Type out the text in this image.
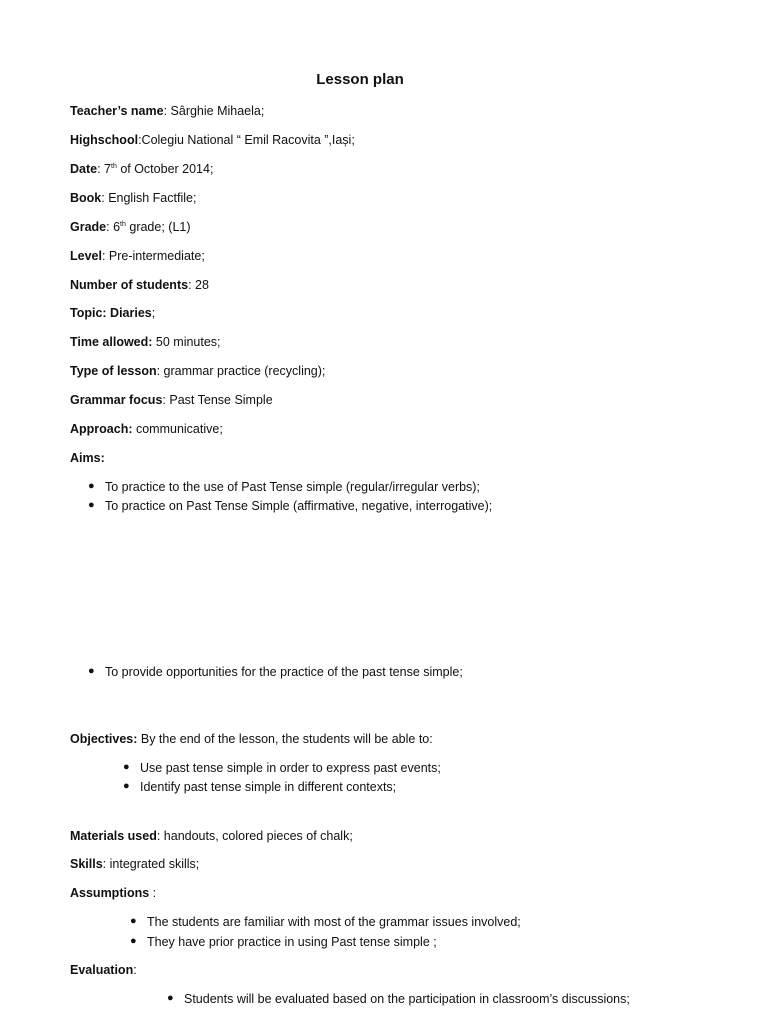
Lesson plan
Teacher’s name: Sârghie Mihaela;
Highschool:Colegiu National “ Emil Racovita ”,Iași;
Date: 7th of October 2014;
Book: English Factfile;
Grade: 6th grade; (L1)
Level: Pre-intermediate;
Number of students: 28
Topic: Diaries;
Time allowed: 50 minutes;
Type of lesson: grammar practice (recycling);
Grammar focus: Past Tense Simple
Approach: communicative;
Aims:
● To practice to the use of Past Tense simple (regular/irregular verbs);
● To practice on Past Tense Simple (affirmative, negative, interrogative);
● To provide opportunities for the practice of the past tense simple;
Objectives: By the end of the lesson, the students will be able to:
● Use past tense simple in order to express past events;
● Identify past tense simple in different contexts;
Materials used: handouts, colored pieces of chalk;
Skills: integrated skills;
Assumptions :
● The students are familiar with most of the grammar issues involved;
● They have prior practice in using Past tense simple ;
Evaluation:
● Students will be evaluated based on the participation in classroom’s discussions;
